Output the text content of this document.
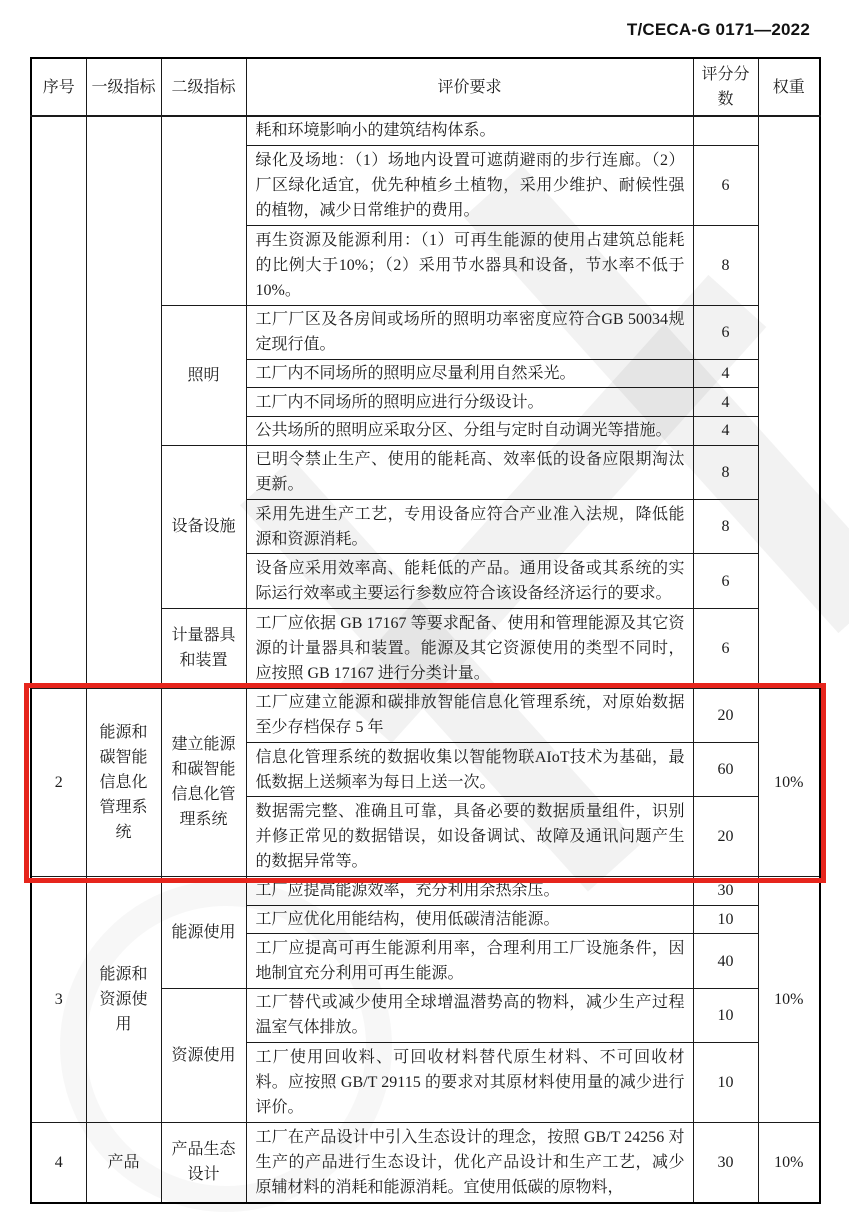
T/CECA-G 0171—2022
序号	一级指标	二级指标	评价要求	评分分数	权重
			耗和环境影响小的建筑结构体系。		
			绿化及场地：（1）场地内设置可遮荫避雨的步行连廊。（2）厂区绿化适宜，优先种植乡土植物，采用少维护、耐候性强的植物，减少日常维护的费用。	6	
			再生资源及能源利用：（1）可再生能源的使用占建筑总能耗的比例大于10%；（2）采用节水器具和设备，节水率不低于10%。	8	
		照明	工厂厂区及各房间或场所的照明功率密度应符合GB 50034规定现行值。	6	
			工厂内不同场所的照明应尽量利用自然采光。	4	
			工厂内不同场所的照明应进行分级设计。	4	
			公共场所的照明应采取分区、分组与定时自动调光等措施。	4	
		设备设施	已明令禁止生产、使用的能耗高、效率低的设备应限期淘汰更新。	8	
			采用先进生产工艺，专用设备应符合产业准入法规，降低能源和资源消耗。	8	
			设备应采用效率高、能耗低的产品。通用设备或其系统的实际运行效率或主要运行参数应符合该设备经济运行的要求。	6	
		计量器具和装置	工厂应依据 GB 17167 等要求配备、使用和管理能源及其它资源的计量器具和装置。能源及其它资源使用的类型不同时，应按照 GB 17167 进行分类计量。	6	
2	能源和碳智能信息化管理系统	建立能源和碳智能信息化管理系统	工厂应建立能源和碳排放智能信息化管理系统，对原始数据至少存档保存 5 年	20	10%
			信息化管理系统的数据收集以智能物联AIoT技术为基础，最低数据上送频率为每日上送一次。	60	
			数据需完整、准确且可靠，具备必要的数据质量组件，识别并修正常见的数据错误，如设备调试、故障及通讯问题产生的数据异常等。	20	
3	能源和资源使用	能源使用	工厂应提高能源效率，充分利用余热余压。	30	10%
			工厂应优化用能结构，使用低碳清洁能源。	10	
			工厂应提高可再生能源利用率，合理利用工厂设施条件，因地制宜充分利用可再生能源。	40	
		资源使用	工厂替代或减少使用全球增温潜势高的物料，减少生产过程温室气体排放。	10	
			工厂使用回收料、可回收材料替代原生材料、不可回收材料。应按照 GB/T 29115 的要求对其原材料使用量的减少进行评价。	10	
4	产品	产品生态设计	工厂在产品设计中引入生态设计的理念，按照 GB/T 24256 对生产的产品进行生态设计，优化产品设计和生产工艺，减少原辅材料的消耗和能源消耗。宜使用低碳的原物料，	30	10%
